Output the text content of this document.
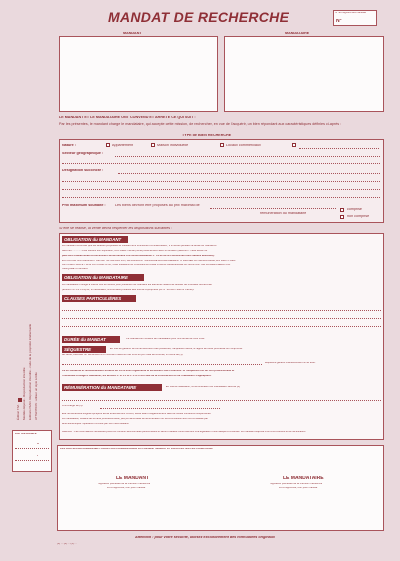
MANDAT DE RECHERCHE	N° au registre des mandats
N°
MANDANT	MANDATAIRE
LE MANDANT ET LE MANDATAIRE ONT CONVENU ET ARRÊTÉ CE QUI SUIT :
Par les présentes, le mandant charge le mandataire, qui accepte cette mission, de rechercher, en vue de l'acquérir, un bien répondant aux caractéristiques définies ci-après :
TYPE de BIEN RECHERCHÉ
Nature :	Appartement	Maison individuelle	Locaux commerciaux
Secteur géographique :
Désignation succincte :
Prix maximum souhaité :	Les biens devront être proposés au prix maximal de
rémunération du mandataire
comprise
non comprise
Si elle se réalise, la vente devra respecter les dispositions suivantes :
OBLIGATION du MANDANT
Le mandant reconnaît que les affaires proposées et visitées sont strictement confidentielles ; il s'interdit pendant la durée du mandat et
dans les ............ mois suivant son expiration, d'en traiter l'achat (vente) directement avec le vendeur (attention : cette durée ne
peut être indéterminée ou excessive conformément à la recommandation n° 03-02 de la Commission des clauses abusives).
EN CAS DE NON RESPECT DE CETTE OBLIGATION, LE MANDANT S'ENGAGE EXPRESSÉMENT À VERSER AU MANDATAIRE, EN VERTU DES
ARTICLES 1142 ET 1152 DU CODE CIVIL, UNE INDEMNITÉ COMPENSATOIRE FORFAITAIRE ÉGALE AU MONTANT DE LA RÉMUNÉRATION
INDIQUÉE CI-APRÈS.
OBLIGATION du MANDATAIRE
Le mandataire s'oblige à mettre tout en œuvre pour présenter au mandant les éléments relatifs au dossier de trouvaille recherchée
(article L.271-4 CCH) et, si nécessaire, à la surface privative des lots de copropriété (loi N° 96-1107 dite loi Carrez).
CLAUSES PARTICULIÈRES
DURÉE du MANDAT	Ce mandat est consenti au mandataire pour une durée de trois mois.
SÉQUESTRE	En vue de garantir la bonne exécution des présentes, l'acquéreur devra, à l'appui de toute promesse ou compromis
de vente, effectuer un versement d'un montant maximum de 10% du prix total de la vente, à l'ordre de (1)
séquestre garanti financièrement à cet effet.
La loi solidarité et renouvellement urbains du 13.12.2000 réglemente le versement visé ci-dessus. Si l'acquéreur est un non professionnel et
l'immeuble à usage d'habitation, les articles L. 271-1 et L. 271-2 du code de la construction et de l'habitation s'appliquent.
RÉMUNÉRATION du MANDATAIRE	En cas de réalisation, la rémunération du mandataire sera de (2)
À la charge de (3)
Elle ne deviendra exigible qu'après achat effectivement conclu, levée étant obligatoirement faite de toutes conditions suspensives.
Le mandataire, titulaire de la carte professionnelle, perçoit sans délai sa rémunération ou sa commission aux fois constatée par
acte authentique l'opération conclue par son intermédiaire.
Attention : Les informations recueillies pourront contenir des données personnelles et seront traitées conformément à la législation Informatique et Libertés. Le mandant dispose d'un droit d'accès et de rectification.
FAIT EN DOUBLE
le
à
LES PARTIES RECONNAISSENT AVOIR PRIS CONNAISSANCE DU PRÉSENT MANDAT ET EN ACCEPTER LES CONDITIONS
LE MANDANT
Signature précédée de la mention manuscrite
"Lu et approuvé, bon pour mandat"
LE MANDATAIRE
Signature précédée de la mention manuscrite
"Lu et approuvé, bon pour mandat"
Attention : pour votre sécurité, utilisez exclusivement des formulaires originaux
(1) ... (2) ... (3) ...
Édition T.M. Modèle déposé - Reproduction interdite Editions ISAO. Reproduction interdite - code de la propriété intellectuelle ATTENTION : utiliser un stylo à bille
